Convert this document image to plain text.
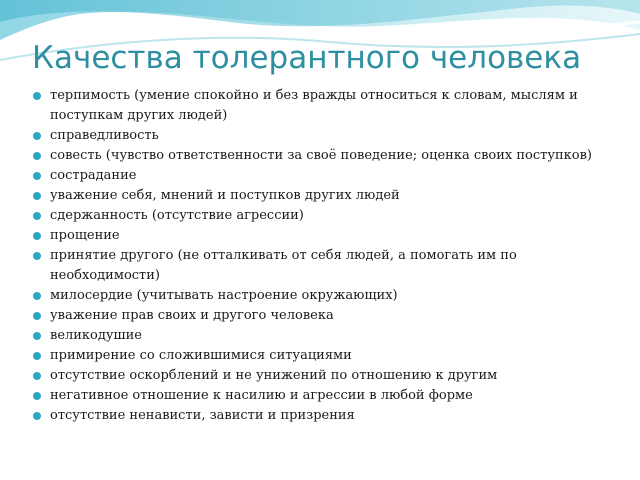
Качества толерантного человека
терпимость (умение спокойно и без вражды относиться к словам, мыслям и поступкам других людей)
справедливость
совесть (чувство ответственности за своё поведение; оценка своих поступков)
сострадание
уважение себя, мнений и поступков других людей
сдержанность (отсутствие агрессии)
прощение
принятие другого (не отталкивать от себя людей, а помогать им по необходимости)
милосердие (учитывать настроение окружающих)
уважение прав своих и другого человека
великодушие
примирение со сложившимися ситуациями
отсутствие оскорблений и не унижений по отношению к другим
негативное отношение к насилию и агрессии в любой форме
отсутствие ненависти, зависти и призрения
